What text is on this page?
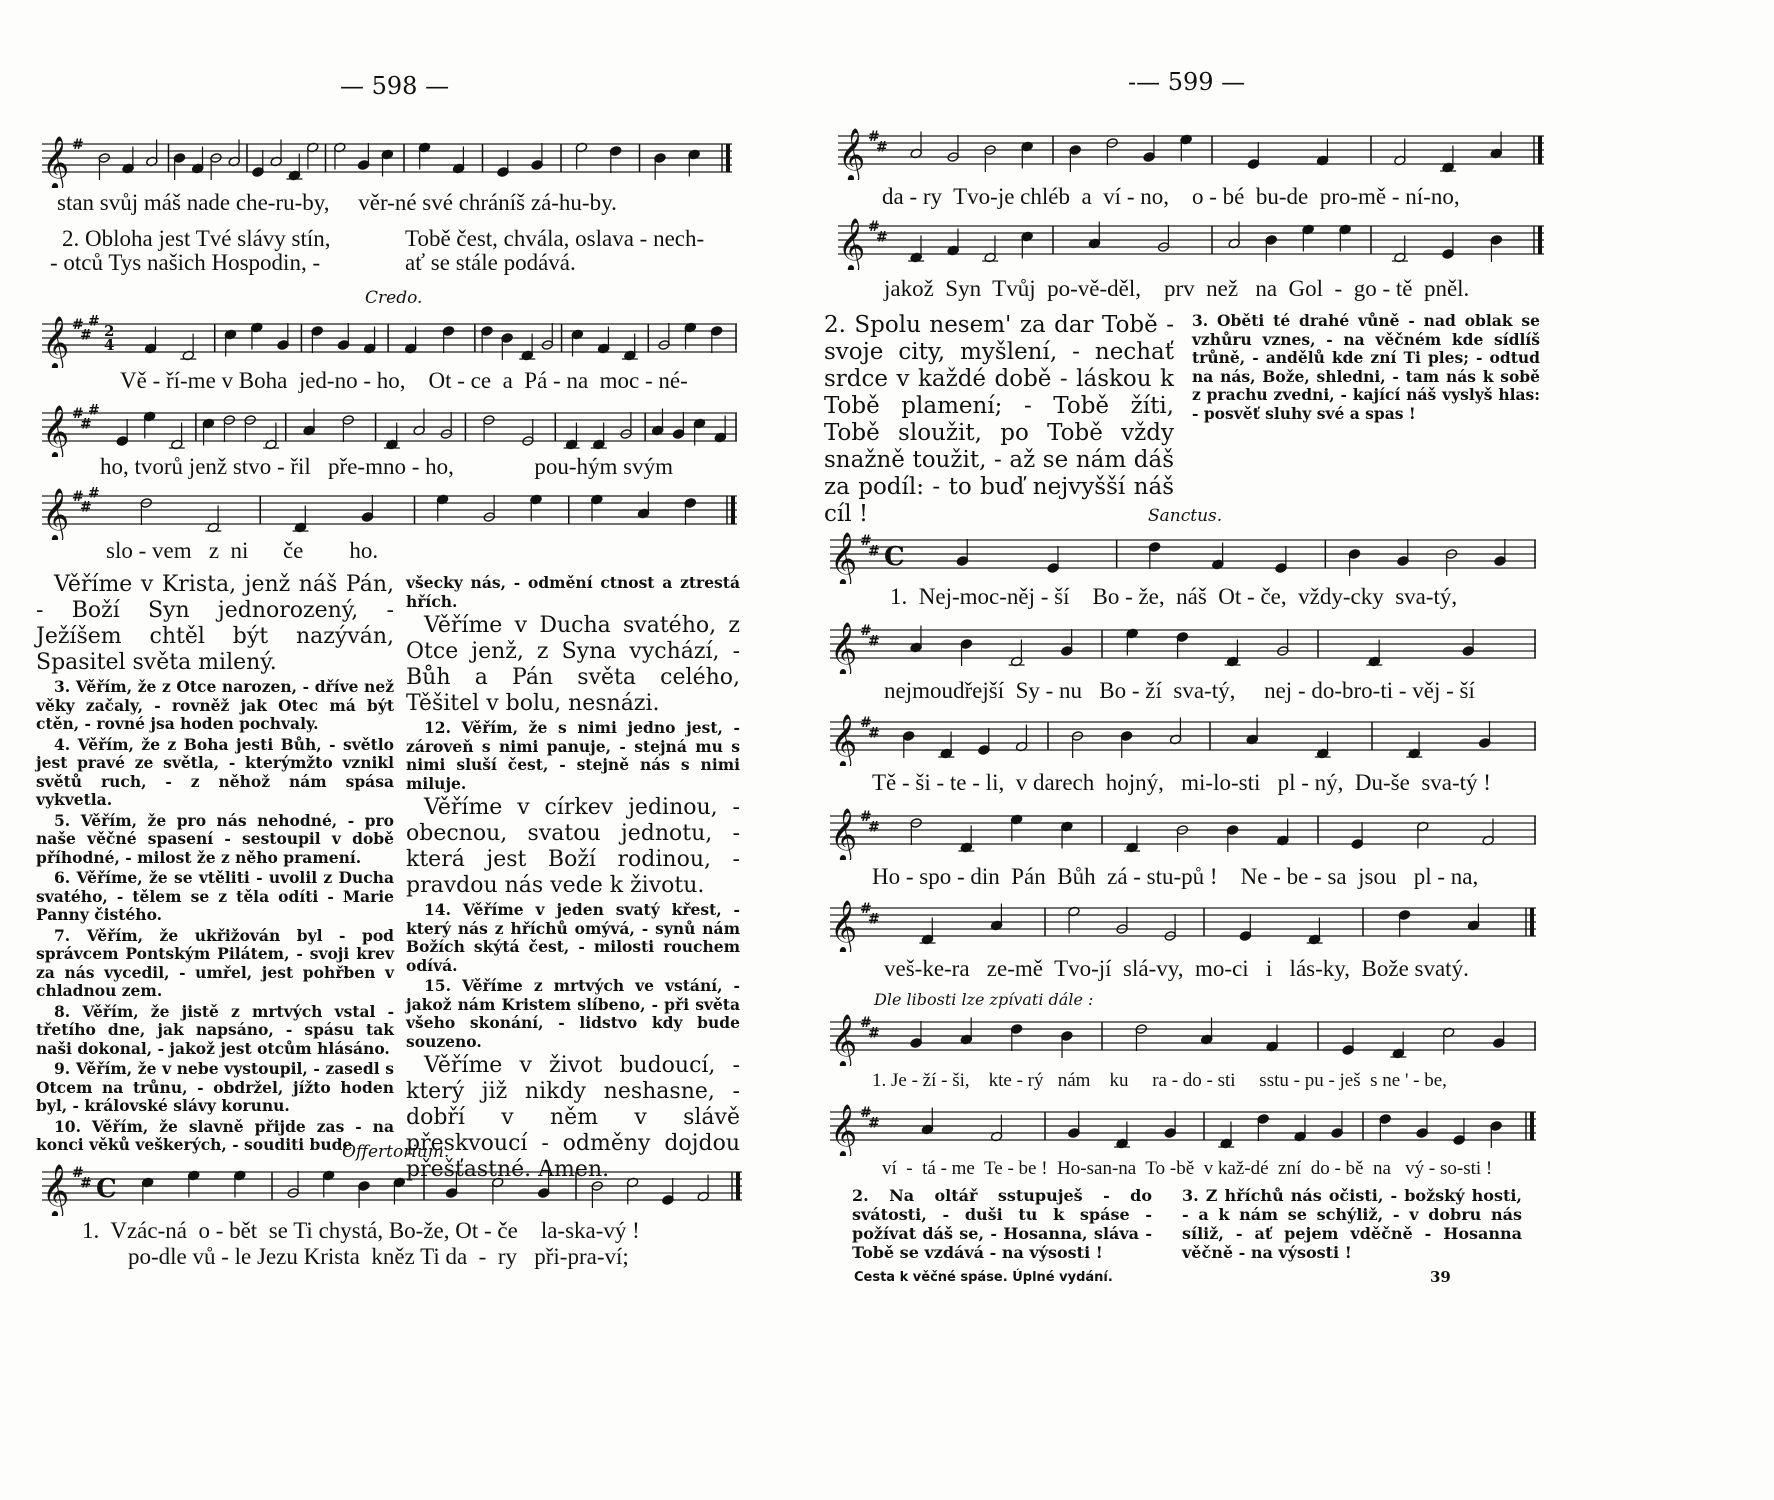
— 598 —
𝄞 #
stan svůj máš nade che-ru-by,     věr-né své chráníš zá-hu-by.
2. Obloha jest Tvé slávy stín,
- otců Tys našich Hospodin, -
Tobě čest, chvála, oslava - nech-
ať se stále podává.
Credo.
𝄞 #
#
#
2
4
Vě - ří-me v Boha  jed-no - ho,    Ot - ce  a  Pá - na  moc - né-
𝄞 #
#
#
ho, tvorů jenž stvo - řil   pře-mno - ho,              pou-hým svým
𝄞 #
#
#
slo - vem   z  ni      če        ho.

Věříme v Krista, jenž náš Pán, - Boží Syn jednorozený, - Ježíšem chtěl být nazýván, Spasitel světa milený.

3. Věřím, že z Otce narozen, - dříve než věky začaly, - rovněž jak Otec má být ctěn, - rovné jsa hoden pochvaly.

4. Věřím, že z Boha jesti Bůh, - světlo jest pravé ze světla, - kterýmžto vznikl světů ruch, - z něhož nám spása vykvetla.

5. Věřím, že pro nás nehodné, - pro naše věčné spasení - sestoupil v době příhodné, - milost že z něho pramení.

6. Věříme, že se vtěliti - uvolil z Ducha svatého, - tělem se z těla odíti - Marie Panny čistého.

7. Věřím, že ukřižován byl - pod správcem Pontským Pilátem, - svoji krev za nás vycedil, - umřel, jest pohřben v chladnou zem.

8. Věřím, že jistě z mrtvých vstal - třetího dne, jak napsáno, - spásu tak naši dokonal, - jakož jest otcům hlásáno.

9. Věřím, že v nebe vystoupil, - zasedl s Otcem na trůnu, - obdržel, jížto hoden byl, - královské slávy korunu.

10. Věřím, že slavně přijde zas - na konci věků veškerých, - souditi bude

všecky nás, - odmění ctnost a ztrestá hřích.

Věříme v Ducha svatého, z Otce jenž, z Syna vychází, - Bůh a Pán světa celého, Těšitel v bolu, nesnázi.

12. Věřím, že s nimi jedno jest, - zároveň s nimi panuje, - stejná mu s nimi sluší čest, - stejně nás s nimi miluje.

Věříme v církev jedinou, - obecnou, svatou jednotu, - která jest Boží rodinou, - pravdou nás vede k životu.

14. Věříme v jeden svatý křest, - který nás z hříchů omývá, - synů nám Božích skýtá čest, - milosti rouchem odívá.

15. Věříme z mrtvých ve vstání, - jakož nám Kristem slíbeno, - při světa všeho skonání, - lidstvo kdy bude souzeno.

Věříme v život budoucí, - který již nikdy neshasne, - dobří v něm v slávě přeskvoucí - odměny dojdou přešťastné. Amen.

Offertorium.
𝄞 #
# C
1.  Vzác-ná  o - bět  se Ti chystá, Bo-že, Ot - če    la-ska-vý !
po-dle vů - le Jezu Krista  kněz Ti da  -  ry   při-pra-ví;
-— 599 —
𝄞 #
#
da - ry  Tvo-je chléb  a  ví - no,    o - bé  bu-de  pro-mě - ní-no,
𝄞 #
#
jakož  Syn  Tvůj  po-vě-děl,    prv  než   na  Gol  -  go - tě  pněl.
2. Spolu nesem' za dar Tobě - svoje city, myšlení, - nechať srdce v každé době - láskou k Tobě plamení; - Tobě žíti, Tobě sloužit, po Tobě vždy snažně toužit, - až se nám dáš za podíl: - to buď nejvyšší náš cíl !
3. Oběti té drahé vůně - nad oblak se vzhůru vznes, - na věčném kde sídlíš trůně, - andělů kde zní Ti ples; - odtud na nás, Bože, shledni, - tam nás k sobě z prachu zvedni, - kající náš vyslyš hlas: - posvěť sluhy své a spas !
Sanctus.
𝄞 #
# C
1.  Nej-moc-něj - ší    Bo - že,  náš  Ot - če,  vždy-cky  sva-tý,
𝄞 #
#
nejmoudřejší  Sy - nu   Bo - ží  sva-tý,     nej - do-bro-ti - věj - ší
𝄞 #
#
Tě - ši - te - li,  v darech  hojný,   mi-lo-sti   pl - ný,  Du-še  sva-tý !
𝄞 #
#
Ho - spo - din  Pán  Bůh  zá - stu-pů !    Ne - be - sa  jsou   pl - na,
𝄞 #
#
veš-ke-ra   ze-mě  Tvo-jí  slá-vy,  mo-ci   i   lás-ky,  Bože svatý.
Dle libosti lze zpívati dále :
𝄞 #
#
1. Je - ží - ši,    kte - rý   nám    ku     ra - do - sti     sstu - pu - ješ  s ne ' - be,
𝄞 #
#
ví  -  tá - me  Te - be !  Ho-san-na  To -bě  v kaž-dé  zní  do - bě  na   vý - so-sti !
2. Na oltář sstupuješ - do svátosti, - duši tu k spáse - požívat dáš se, - Hosanna, sláva - Tobě se vzdává - na výsosti !
3. Z hříchů nás očisti, - božský hosti, - a k nám se schýliž, - v dobru nás síliž, - ať pejem vděčně - Hosanna věčně - na výsosti !
Cesta k věčné spáse. Úplné vydání.	39
